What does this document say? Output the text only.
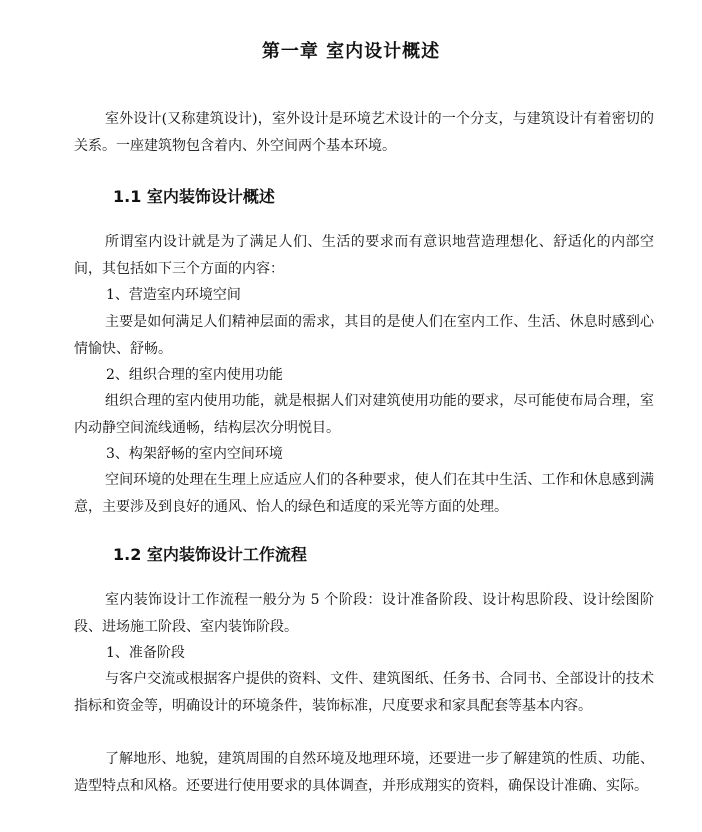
第一章 室内设计概述

室外设计(又称建筑设计)，室外设计是环境艺术设计的一个分支，与建筑设计有着密切的关系。一座建筑物包含着内、外空间两个基本环境。

1.1 室内装饰设计概述

所谓室内设计就是为了满足人们、生活的要求而有意识地营造理想化、舒适化的内部空间，其包括如下三个方面的内容：

1、营造室内环境空间

主要是如何满足人们精神层面的需求，其目的是使人们在室内工作、生活、休息时感到心情愉快、舒畅。

2、组织合理的室内使用功能

组织合理的室内使用功能，就是根据人们对建筑使用功能的要求，尽可能使布局合理，室内动静空间流线通畅，结构层次分明悦目。

3、构架舒畅的室内空间环境

空间环境的处理在生理上应适应人们的各种要求，使人们在其中生活、工作和休息感到满意，主要涉及到良好的通风、怡人的绿色和适度的采光等方面的处理。

1.2 室内装饰设计工作流程

室内装饰设计工作流程一般分为 5 个阶段：设计准备阶段、设计构思阶段、设计绘图阶段、进场施工阶段、室内装饰阶段。

1、准备阶段

与客户交流或根据客户提供的资料、文件、建筑图纸、任务书、合同书、全部设计的技术指标和资金等，明确设计的环境条件，装饰标准，尺度要求和家具配套等基本内容。

了解地形、地貌，建筑周围的自然环境及地理环境，还要进一步了解建筑的性质、功能、造型特点和风格。还要进行使用要求的具体调查，并形成翔实的资料，确保设计准确、实际。
